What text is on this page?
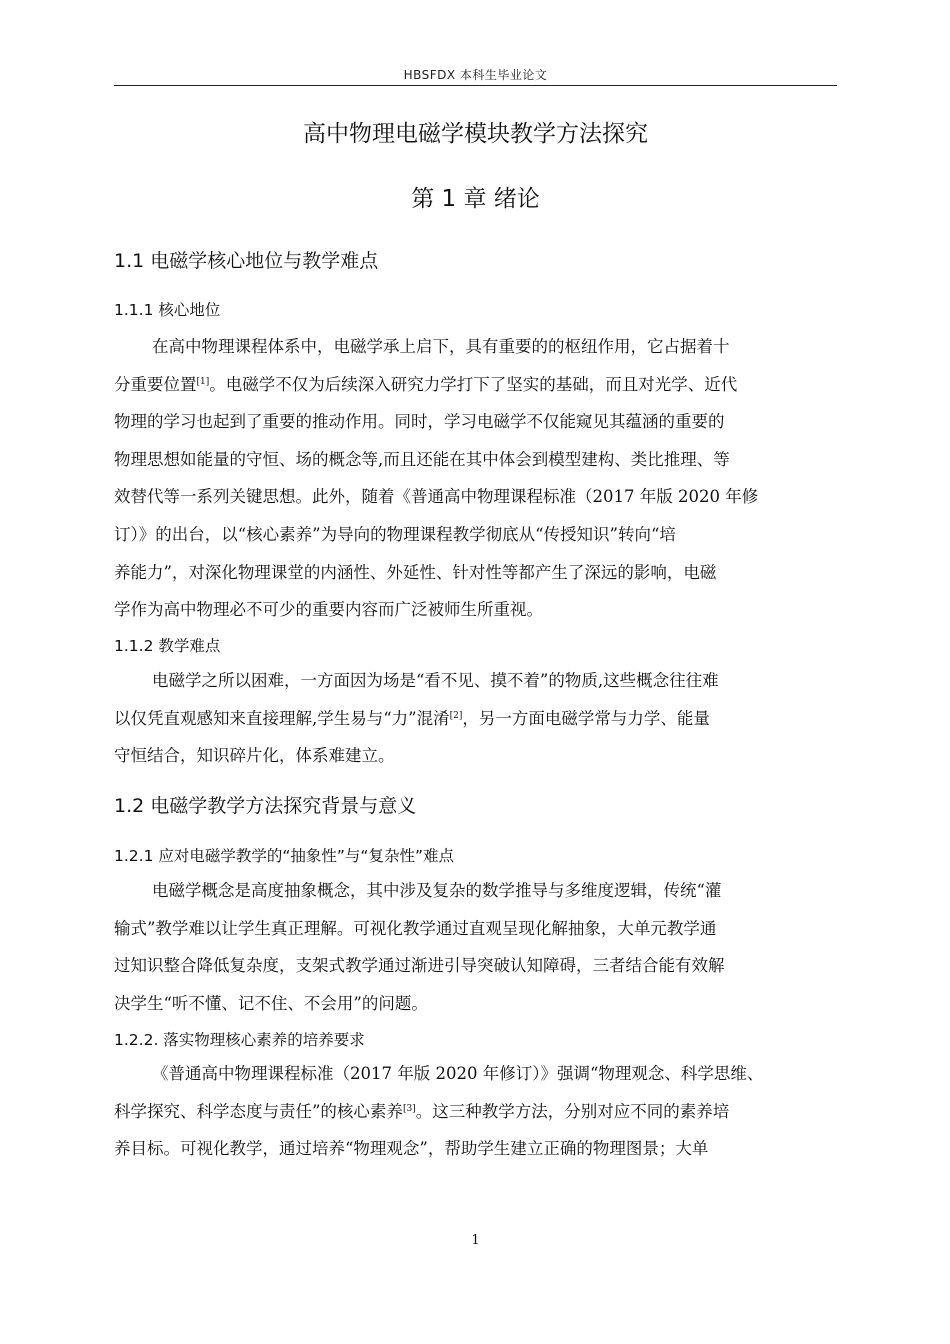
HBSFDX 本科生毕业论文
高中物理电磁学模块教学方法探究
第 1 章 绪论
1.1 电磁学核心地位与教学难点
1.1.1 核心地位
在高中物理课程体系中，电磁学承上启下，具有重要的的枢纽作用，它占据着十
分重要位置[1]。电磁学不仅为后续深入研究力学打下了坚实的基础，而且对光学、近代
物理的学习也起到了重要的推动作用。同时，学习电磁学不仅能窥见其蕴涵的重要的
物理思想如能量的守恒、场的概念等,而且还能在其中体会到模型建构、类比推理、等
效替代等一系列关键思想。此外，随着《普通高中物理课程标准（2017 年版 2020 年修
订）》的出台，以“核心素养”为导向的物理课程教学彻底从“传授知识”转向“培
养能力”，对深化物理课堂的内涵性、外延性、针对性等都产生了深远的影响，电磁
学作为高中物理必不可少的重要内容而广泛被师生所重视。
1.1.2 教学难点
电磁学之所以困难，一方面因为场是“看不见、摸不着”的物质,这些概念往往难
以仅凭直观感知来直接理解,学生易与“力”混淆[2]，另一方面电磁学常与力学、能量
守恒结合，知识碎片化，体系难建立。
1.2 电磁学教学方法探究背景与意义
1.2.1 应对电磁学教学的“抽象性”与“复杂性”难点
电磁学概念是高度抽象概念，其中涉及复杂的数学推导与多维度逻辑，传统“灌
输式”教学难以让学生真正理解。可视化教学通过直观呈现化解抽象，大单元教学通
过知识整合降低复杂度，支架式教学通过渐进引导突破认知障碍，三者结合能有效解
决学生“听不懂、记不住、不会用”的问题。
1.2.2. 落实物理核心素养的培养要求
《普通高中物理课程标准（2017 年版 2020 年修订）》强调“物理观念、科学思维、
科学探究、科学态度与责任”的核心素养[3]。这三种教学方法，分别对应不同的素养培
养目标。可视化教学，通过培养“物理观念”，帮助学生建立正确的物理图景；大单
1
